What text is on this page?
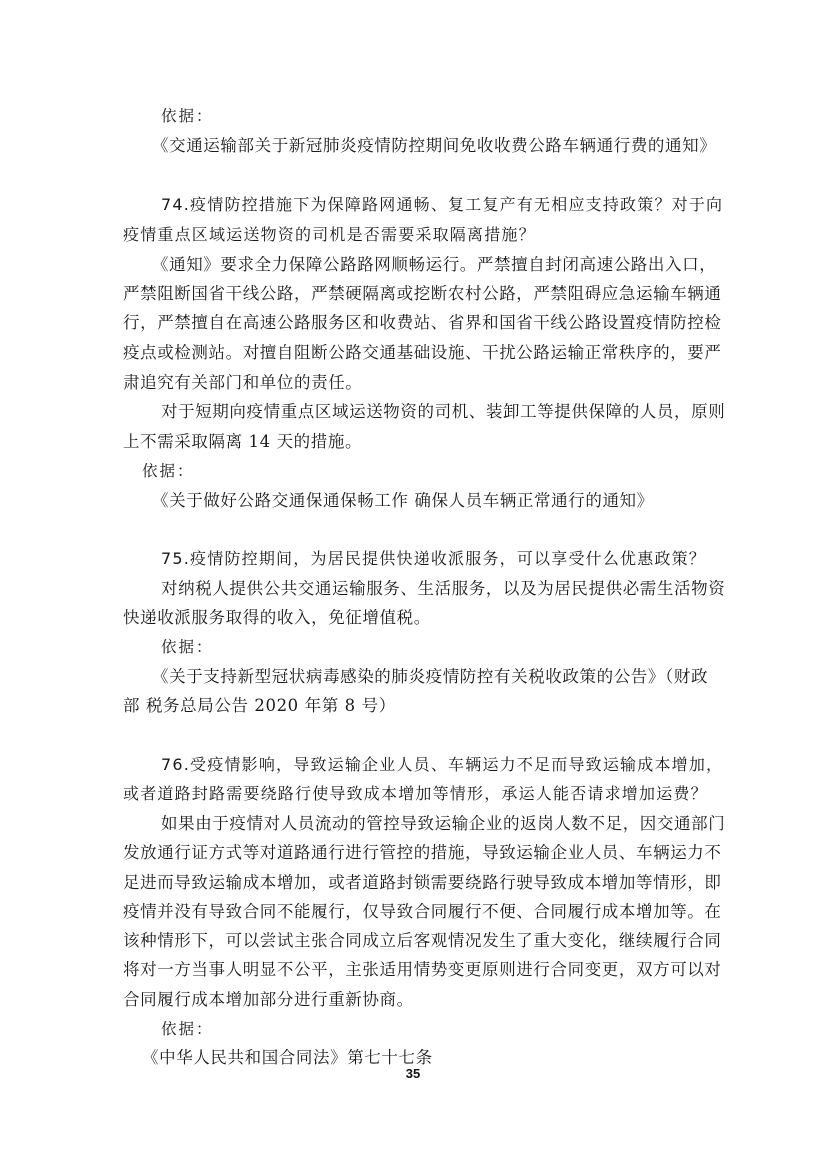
依据：
《交通运输部关于新冠肺炎疫情防控期间免收收费公路车辆通行费的通知》
74.疫情防控措施下为保障路网通畅、复工复产有无相应支持政策？对于向
疫情重点区域运送物资的司机是否需要采取隔离措施？
《通知》要求全力保障公路路网顺畅运行。严禁擅自封闭高速公路出入口，
严禁阻断国省干线公路，严禁硬隔离或挖断农村公路，严禁阻碍应急运输车辆通
行，严禁擅自在高速公路服务区和收费站、省界和国省干线公路设置疫情防控检
疫点或检测站。对擅自阻断公路交通基础设施、干扰公路运输正常秩序的，要严
肃追究有关部门和单位的责任。
对于短期向疫情重点区域运送物资的司机、装卸工等提供保障的人员，原则
上不需采取隔离 14 天的措施。
依据：
《关于做好公路交通保通保畅工作 确保人员车辆正常通行的通知》
75.疫情防控期间，为居民提供快递收派服务，可以享受什么优惠政策？
对纳税人提供公共交通运输服务、生活服务，以及为居民提供必需生活物资
快递收派服务取得的收入，免征增值税。
依据：
《关于支持新型冠状病毒感染的肺炎疫情防控有关税收政策的公告》（财政
部 税务总局公告 2020 年第 8 号）
76.受疫情影响，导致运输企业人员、车辆运力不足而导致运输成本增加，
或者道路封路需要绕路行使导致成本增加等情形，承运人能否请求增加运费？
如果由于疫情对人员流动的管控导致运输企业的返岗人数不足，因交通部门
发放通行证方式等对道路通行进行管控的措施，导致运输企业人员、车辆运力不
足进而导致运输成本增加，或者道路封锁需要绕路行驶导致成本增加等情形，即
疫情并没有导致合同不能履行，仅导致合同履行不便、合同履行成本增加等。在
该种情形下，可以尝试主张合同成立后客观情况发生了重大变化，继续履行合同
将对一方当事人明显不公平，主张适用情势变更原则进行合同变更，双方可以对
合同履行成本增加部分进行重新协商。
依据：
《中华人民共和国合同法》第七十七条
35
